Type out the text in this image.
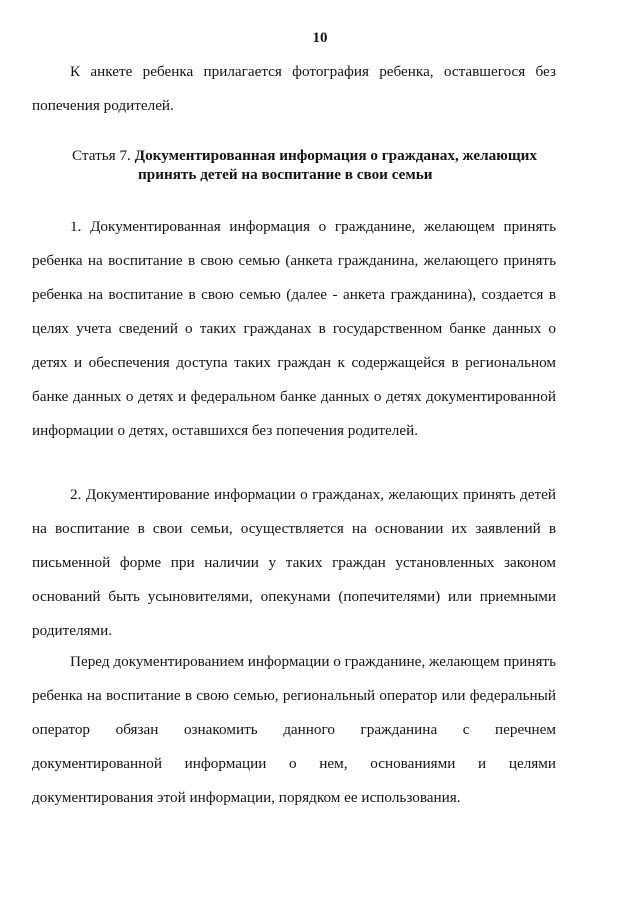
10

К анкете ребенка прилагается фотография ребенка, оставшегося без попечения родителей.

Статья 7. Документированная информация о гражданах, желающих
принять детей на воспитание в свои семьи

1. Документированная информация о гражданине, желающем принять ребенка на воспитание в свою семью (анкета гражданина, желающего принять ребенка на воспитание в свою семью (далее - анкета гражданина), создается в целях учета сведений о таких гражданах в государственном банке данных о детях и обеспечения доступа таких граждан к содержащейся в региональном банке данных о детях и федеральном банке данных о детях документированной информации о детях, оставшихся без попечения родителей.

2. Документирование информации о гражданах, желающих принять детей на воспитание в свои семьи, осуществляется на основании их заявлений в письменной форме при наличии у таких граждан установленных законом оснований быть усыновителями, опекунами (попечителями) или приемными родителями.

Перед документированием информации о гражданине, желающем принять ребенка на воспитание в свою семью, региональный оператор или федеральный оператор обязан ознакомить данного гражданина с перечнем документированной информации о нем, основаниями и целями документирования этой информации, порядком ее использования.
